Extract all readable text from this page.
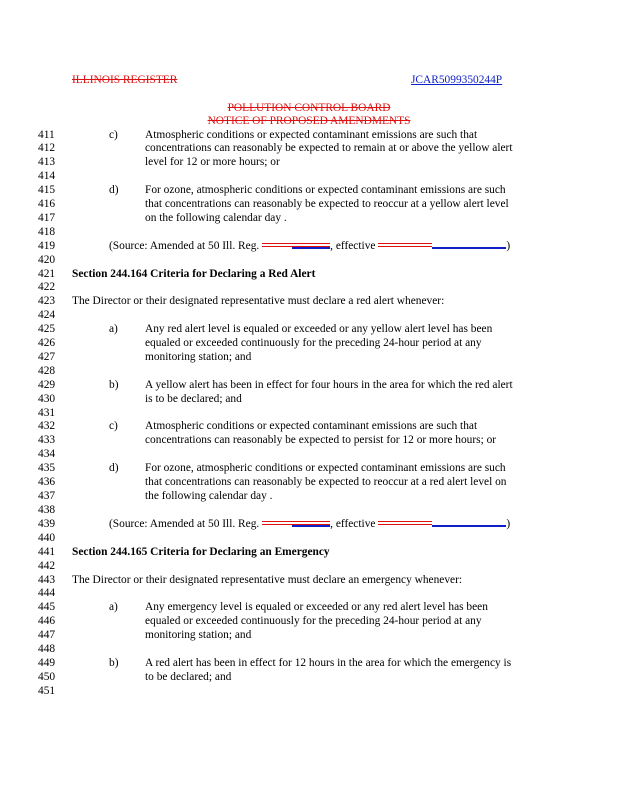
ILLINOIS REGISTER	JCAR5099350244P
POLLUTION CONTROL BOARD
NOTICE OF PROPOSED AMENDMENTS
411
412
413
414
415
416
417
418
419
420
421
422
423
424
425
426
427
428
429
430
431
432
433
434
435
436
437
438
439
440
441
442
443
444
445
446
447
448
449
450
451
c) Atmospheric conditions or expected contaminant emissions are such that
concentrations can reasonably be expected to remain at or above the yellow alert
level for 12 or more hours; or
d) For ozone, atmospheric conditions or expected contaminant emissions are such
that concentrations can reasonably be expected to reoccur at a yellow alert level
on the following calendar day .
(Source: Amended at 50 Ill. Reg.	, effective	)
Section 244.164 Criteria for Declaring a Red Alert
The Director or their designated representative must declare a red alert whenever:
a) Any red alert level is equaled or exceeded or any yellow alert level has been
equaled or exceeded continuously for the preceding 24-hour period at any
monitoring station; and
b) A yellow alert has been in effect for four hours in the area for which the red alert
is to be declared; and
c) Atmospheric conditions or expected contaminant emissions are such that
concentrations can reasonably be expected to persist for 12 or more hours; or
d) For ozone, atmospheric conditions or expected contaminant emissions are such
that concentrations can reasonably be expected to reoccur at a red alert level on
the following calendar day .
(Source: Amended at 50 Ill. Reg.	, effective	)
Section 244.165 Criteria for Declaring an Emergency
The Director or their designated representative must declare an emergency whenever:
a) Any emergency level is equaled or exceeded or any red alert level has been
equaled or exceeded continuously for the preceding 24-hour period at any
monitoring station; and
b) A red alert has been in effect for 12 hours in the area for which the emergency is
to be declared; and
